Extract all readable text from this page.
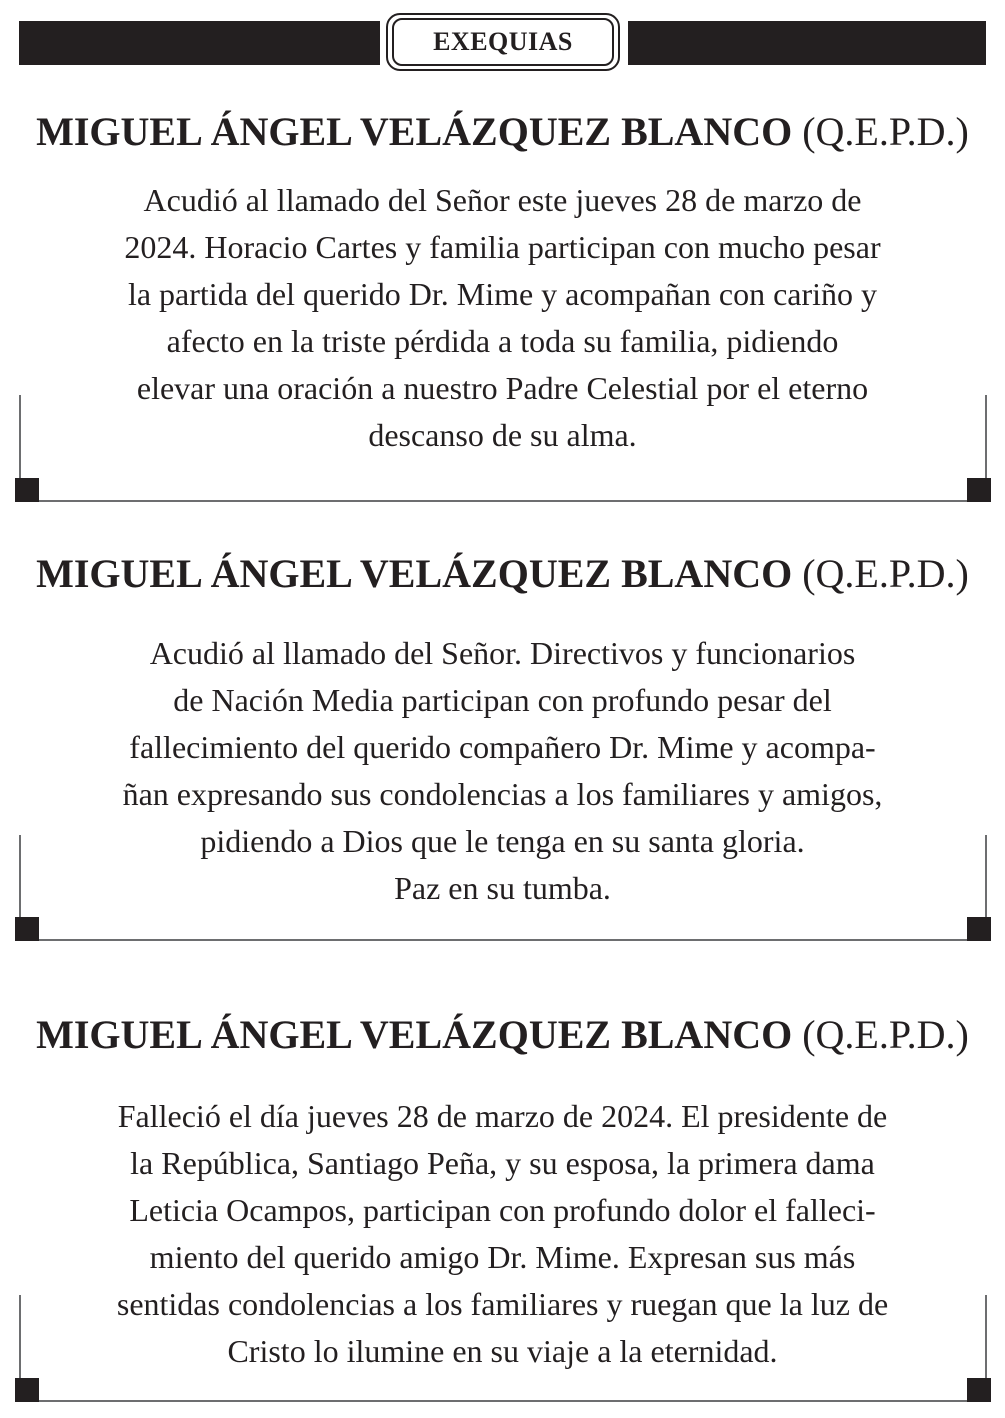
EXEQUIAS
MIGUEL ÁNGEL VELÁZQUEZ BLANCO (Q.E.P.D.)
Acudió al llamado del Señor este jueves 28 de marzo de
2024. Horacio Cartes y familia participan con mucho pesar
la partida del querido Dr. Mime y acompañan con cariño y
afecto en la triste pérdida a toda su familia, pidiendo
elevar una oración a nuestro Padre Celestial por el eterno
descanso de su alma.
MIGUEL ÁNGEL VELÁZQUEZ BLANCO (Q.E.P.D.)
Acudió al llamado del Señor. Directivos y funcionarios
de Nación Media participan con profundo pesar del
fallecimiento del querido compañero Dr. Mime y acompa-
ñan expresando sus condolencias a los familiares y amigos,
pidiendo a Dios que le tenga en su santa gloria.
Paz en su tumba.
MIGUEL ÁNGEL VELÁZQUEZ BLANCO (Q.E.P.D.)
Falleció el día jueves 28 de marzo de 2024. El presidente de
la República, Santiago Peña, y su esposa, la primera dama
Leticia Ocampos, participan con profundo dolor el falleci-
miento del querido amigo Dr. Mime. Expresan sus más
sentidas condolencias a los familiares y ruegan que la luz de
Cristo lo ilumine en su viaje a la eternidad.
